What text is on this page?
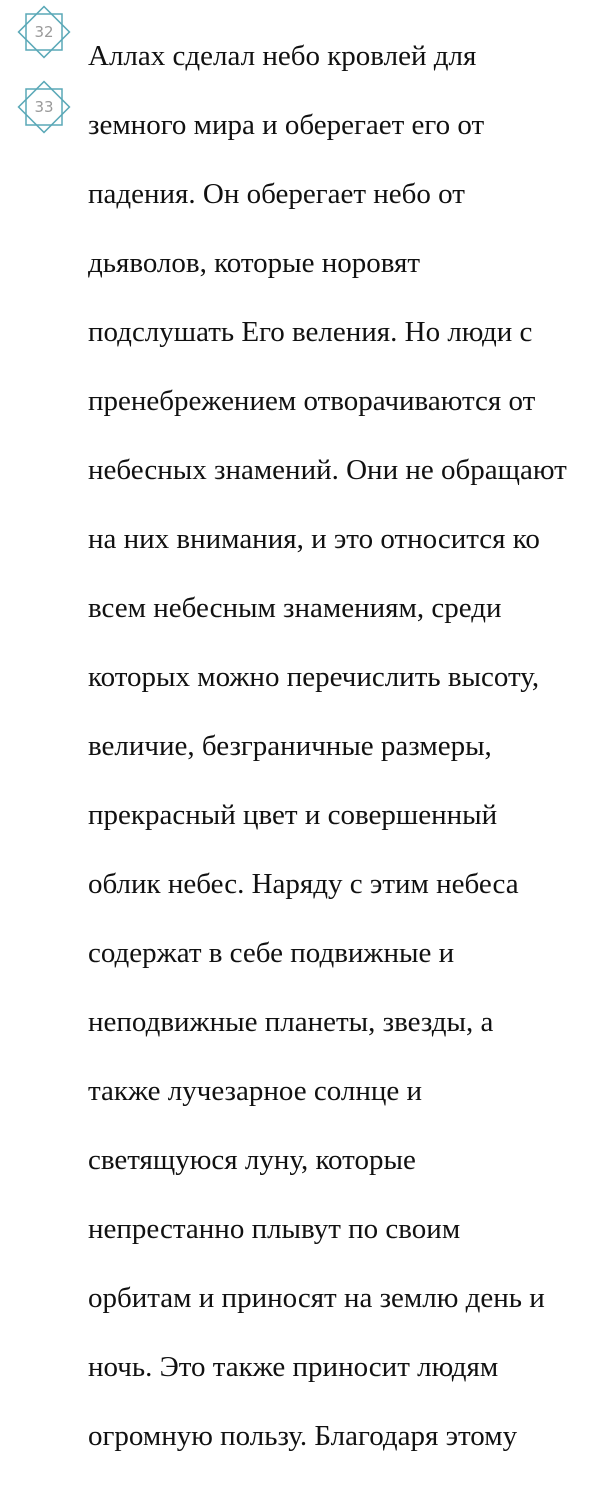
32
33

Аллах сделал небо кровлей для

земного мира и оберегает его от

падения. Он оберегает небо от

дьяволов, которые норовят

подслушать Его веления. Но люди с

пренебрежением отворачиваются от

небесных знамений. Они не обращают

на них внимания, и это относится ко

всем небесным знамениям, среди

которых можно перечислить высоту,

величие, безграничные размеры,

прекрасный цвет и совершенный

облик небес. Наряду с этим небеса

содержат в себе подвижные и

неподвижные планеты, звезды, а

также лучезарное солнце и

светящуюся луну, которые

непрестанно плывут по своим

орбитам и приносят на землю день и

ночь. Это также приносит людям

огромную пользу. Благодаря этому
